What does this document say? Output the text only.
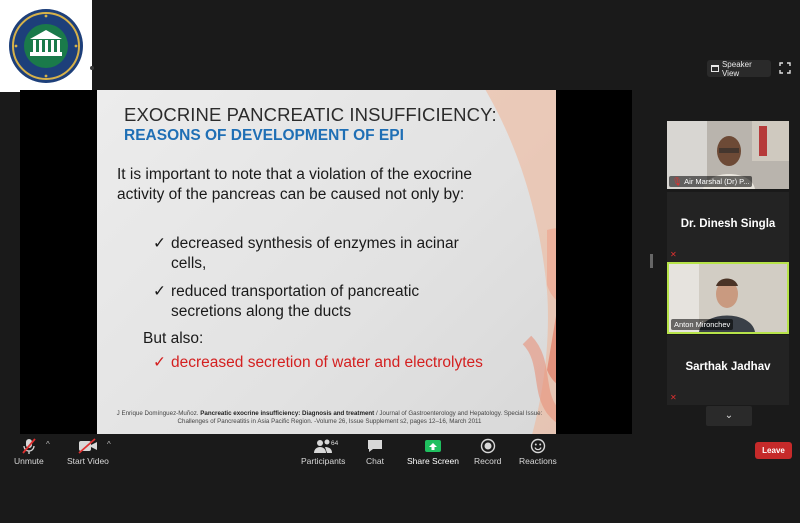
Speaker View
EXOCRINE PANCREATIC INSUFFICIENCY:
REASONS OF DEVELOPMENT OF EPI
It is important to note that a violation of the exocrine activity of the pancreas can be caused not only by:
✓ decreased synthesis of enzymes in acinar cells,
✓ reduced transportation of pancreatic secretions along the ducts
But also:
✓ decreased secretion of water and electrolytes
J Enrique Domínguez-Muñoz. Pancreatic exocrine insufficiency: Diagnosis and treatment / Journal of Gastroenterology and Hepatology. Special Issue: Challenges of Pancreatitis in Asia Pacific Region. -Volume 26, Issue Supplement s2, pages 12–16, March 2011
🎙 Air Marshal (Dr) P...
Dr. Dinesh Singla
✕
Anton Mironchev
Sarthak Jadhav
✕
⌄
Unmute
^
Start Video
^
Participants
64
Chat	Share Screen Record Reactions
Leave
